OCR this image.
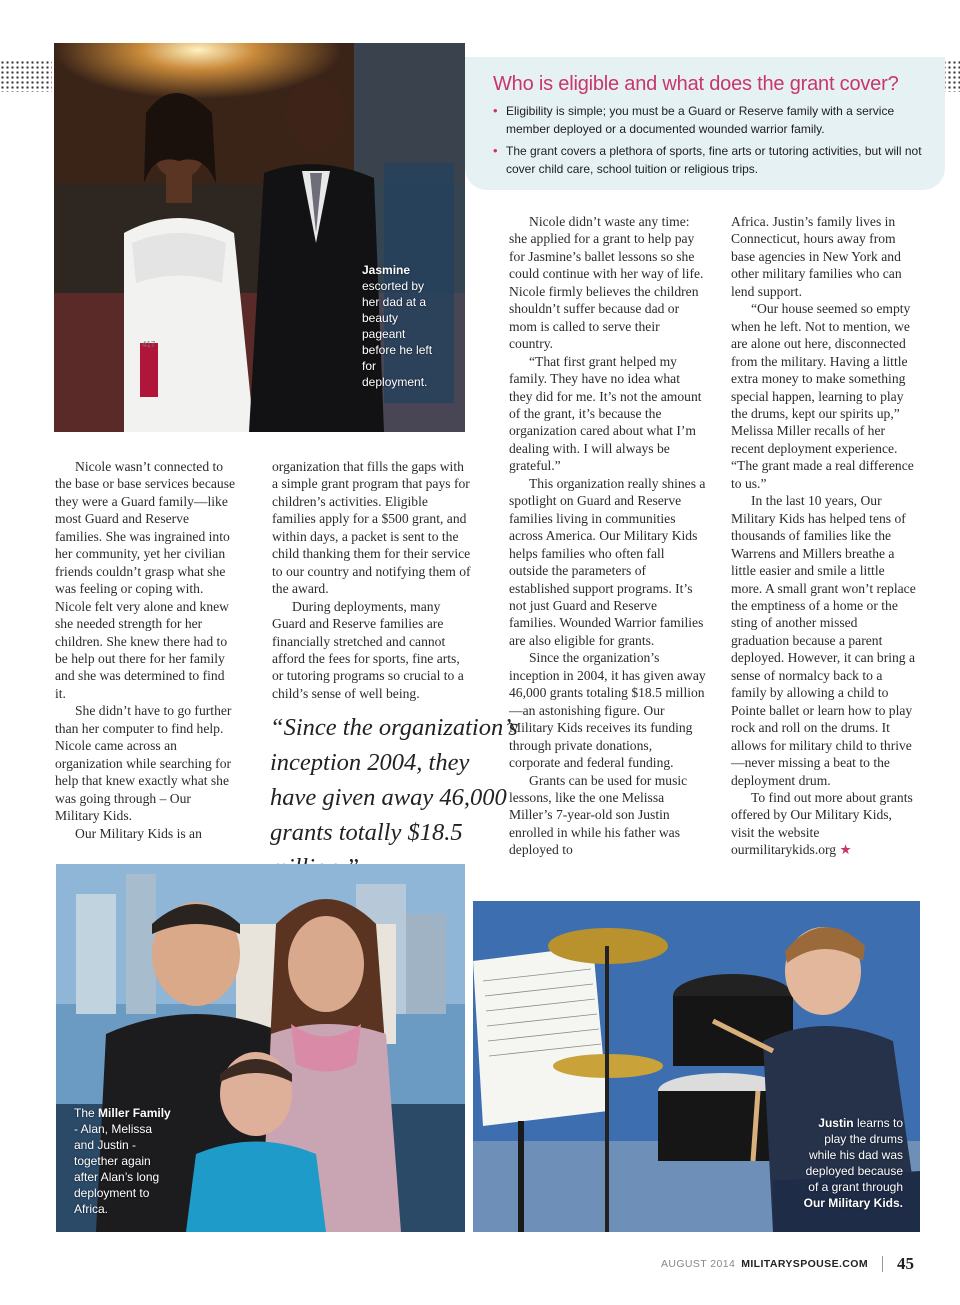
Jasmine escorted by her dad at a beauty pageant before he left for deployment.
417
Who is eligible and what does the grant cover?
• Eligibility is simple; you must be a Guard or Reserve family with a service member deployed or a documented wounded warrior family.
• The grant covers a plethora of sports, fine arts or tutoring activities, but will not cover child care, school tuition or religious trips.

Nicole wasn’t connected to the base or base services because they were a Guard family—like most Guard and Reserve families. She was ingrained into her community, yet her civilian friends couldn’t grasp what she was feeling or coping with. Nicole felt very alone and knew she needed strength for her children. She knew there had to be help out there for her family and she was determined to find it.

She didn’t have to go further than her computer to find help. Nicole came across an organization while searching for help that knew exactly what she was going through – Our Military Kids.

Our Military Kids is an

organization that fills the gaps with a simple grant program that pays for children’s activities. Eligible families apply for a $500 grant, and within days, a packet is sent to the child thanking them for their service to our country and notifying them of the award.

During deployments, many Guard and Reserve families are financially stretched and cannot afford the fees for sports, fine arts, or tutoring programs so crucial to a child’s sense of well being.

“Since the organization’s inception 2004, they have given away 46,000 grants totally $18.5

Nicole didn’t waste any time: she applied for a grant to help pay for Jasmine’s ballet lessons so she could continue with her way of life. Nicole firmly believes the children shouldn’t suffer because dad or mom is called to serve their country.

“That first grant helped my family. They have no idea what they did for me. It’s not the amount of the grant, it’s because the organization cared about what I’m dealing with. I will always be grateful.”

This organization really shines a spotlight on Guard and Reserve families living in communities across America. Our Military Kids helps families who often fall outside the parameters of established support programs. It’s not just Guard and Reserve families. Wounded Warrior families are also eligible for grants.

Since the organization’s inception in 2004, it has given away 46,000 grants totaling $18.5 million—an astonishing figure. Our Military Kids receives its funding through private donations, corporate and federal funding.

Grants can be used for music lessons, like the one Melissa Miller’s 7-year-old son Justin enrolled in while his father was deployed to

Africa. Justin’s family lives in Connecticut, hours away from base agencies in New York and other military families who can lend support.

“Our house seemed so empty when he left. Not to mention, we are alone out here, disconnected from the military. Having a little extra money to make something special happen, learning to play the drums, kept our spirits up,” Melissa Miller recalls of her recent deployment experience. “The grant made a real difference to us.”

In the last 10 years, Our Military Kids has helped tens of thousands of families like the Warrens and Millers breathe a little easier and smile a little more. A small grant won’t replace the emptiness of a home or the sting of another missed graduation because a parent deployed. However, it can bring a sense of normalcy back to a family by allowing a child to Pointe ballet or learn how to play rock and roll on the drums. It allows for military child to thrive—never missing a beat to the deployment drum.

To find out more about grants offered by Our Military Kids, visit the website ourmilitarykids.org ★

The Miller Family - Alan, Melissa and Justin - together again after Alan’s long deployment to Africa.
Justin learns to play the drums while his dad was deployed because of a grant through Our Military Kids.
AUGUST 2014 MILITARYSPOUSE.COM 45
